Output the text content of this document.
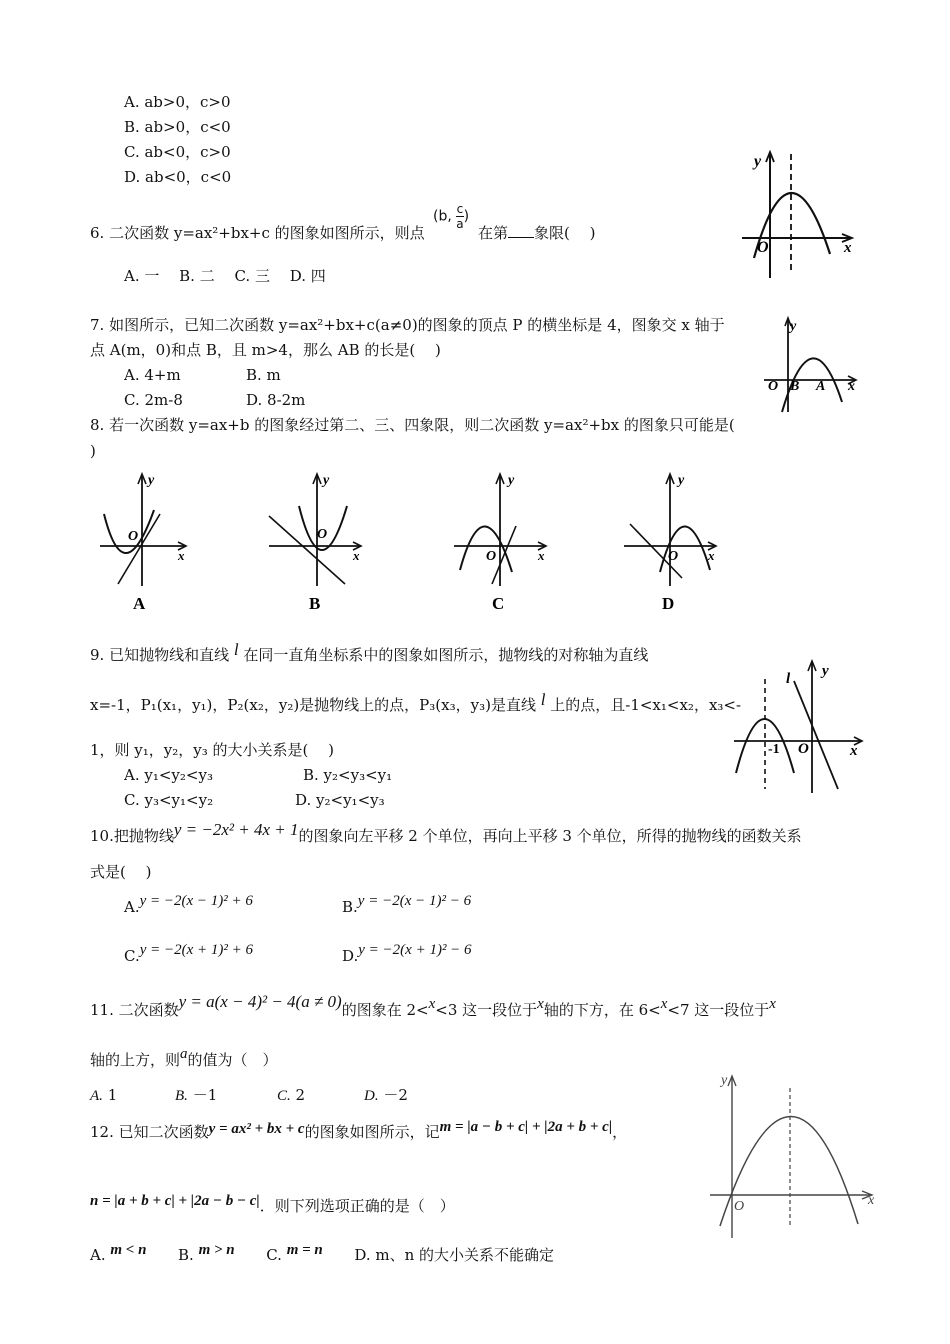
A. ab>0，c>0
B. ab>0，c<0
C. ab<0，c>0
D. ab<0，c<0
6. 二次函数 y=ax²+bx+c 的图象如图所示，则点
(b, $\frac{c}{a}$ )
在第 象限(　 )
A. 一　 B. 二　 C. 三　 D. 四
y
O	x
7. 如图所示，已知二次函数 y=ax²+bx+c(a≠0)的图象的顶点 P 的横坐标是 4，图象交 x 轴于
点 A(m，0)和点 B，且 m>4，那么 AB 的长是(　 )
A. 4+m	B. m
C. 2m-8	D. 8-2m
y
O B A x
8. 若一次函数 y=ax+b 的图象经过第二、三、四象限，则二次函数 y=ax²+bx 的图象只可能是(
)
y
O
x
A
y
O
x
B
y
O	x
C
y
O x
D
9. 已知抛物线和直线 l 在同一直角坐标系中的图象如图所示，抛物线的对称轴为直线
x=-1，P₁(x₁，y₁)，P₂(x₂，y₂)是抛物线上的点，P₃(x₃，y₃)是直线 l 上的点，且-1<x₁<x₂，x₃<-
1，则 y₁，y₂，y₃ 的大小关系是(　 )
A. y₁<y₂<y₃	B. y₂<y₃<y₁
C. y₃<y₁<y₂	D. y₂<y₁<y₃
l y
-1 O	x
10.把抛物线y = −2x² + 4x + 1的图象向左平移 2 个单位，再向上平移 3 个单位，所得的抛物线的函数关系
式是(　 )
A.y = −2(x − 1)² + 6	B.y = −2(x − 1)² − 6
C.y = −2(x + 1)² + 6	D.y = −2(x + 1)² − 6
11. 二次函数y = a(x − 4)² − 4(a ≠ 0)的图象在 2<x<3 这一段位于x轴的下方，在 6<x<7 这一段位于x
轴的上方，则a的值为（　）
A. 1	B. －1	C. 2	D. －2
12. 已知二次函数y = ax² + bx + c的图象如图所示，记m = |a − b + c| + |2a + b + c|，
n = |a + b + c| + |2a − b − c|．则下列选项正确的是（　）
A. m < n B. m > n C. m = n D. m、n 的大小关系不能确定
y
O	x
